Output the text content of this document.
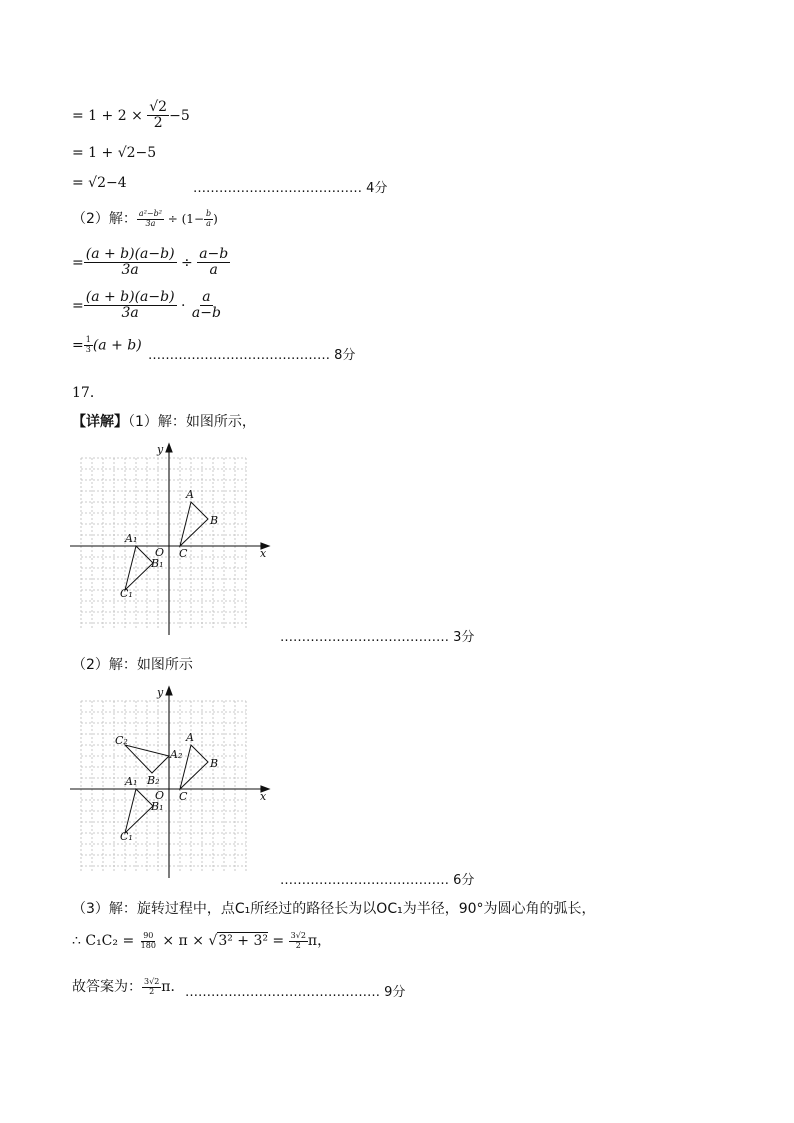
= $1 + 2 \times \frac{√2}{2} -5$
= 1 + √2−5
= √2−4	………………………………… 4分
（2）解： $\frac{\text{a²−b²}}{3a} \div (1- \frac{b}{a}$ )
= $\frac{(a + b)(a-b)}{3a} \div \frac{a-b}{a}$
= $\frac{(a + b)(a-b)}{3a} \cdot \frac{a}{a-b}$
= $\frac{1}{3} (a + b)$
…………………………………… 8分
17．
【详解】（1）解：如图所示，
x
y
O
A
B
C
A₁
B₁
C₁
………………………………… 3分
（2）解：如图所示
x
y
O
A
B
C
A₁
B₁
C₁
A₂
B₂
C₂
………………………………… 6分
（3）解：旋转过程中，点C₁所经过的路径长为以OC₁为半径，90°为圆心角的弧长，
∴ $C_1C_2 = \frac{90}{180} \times \pi \times √3^2 + 3^2 = \frac{3√2}{2}$ π，
故答案为： $\frac{3√2}{2}$ π． ……………………………………… 9分
